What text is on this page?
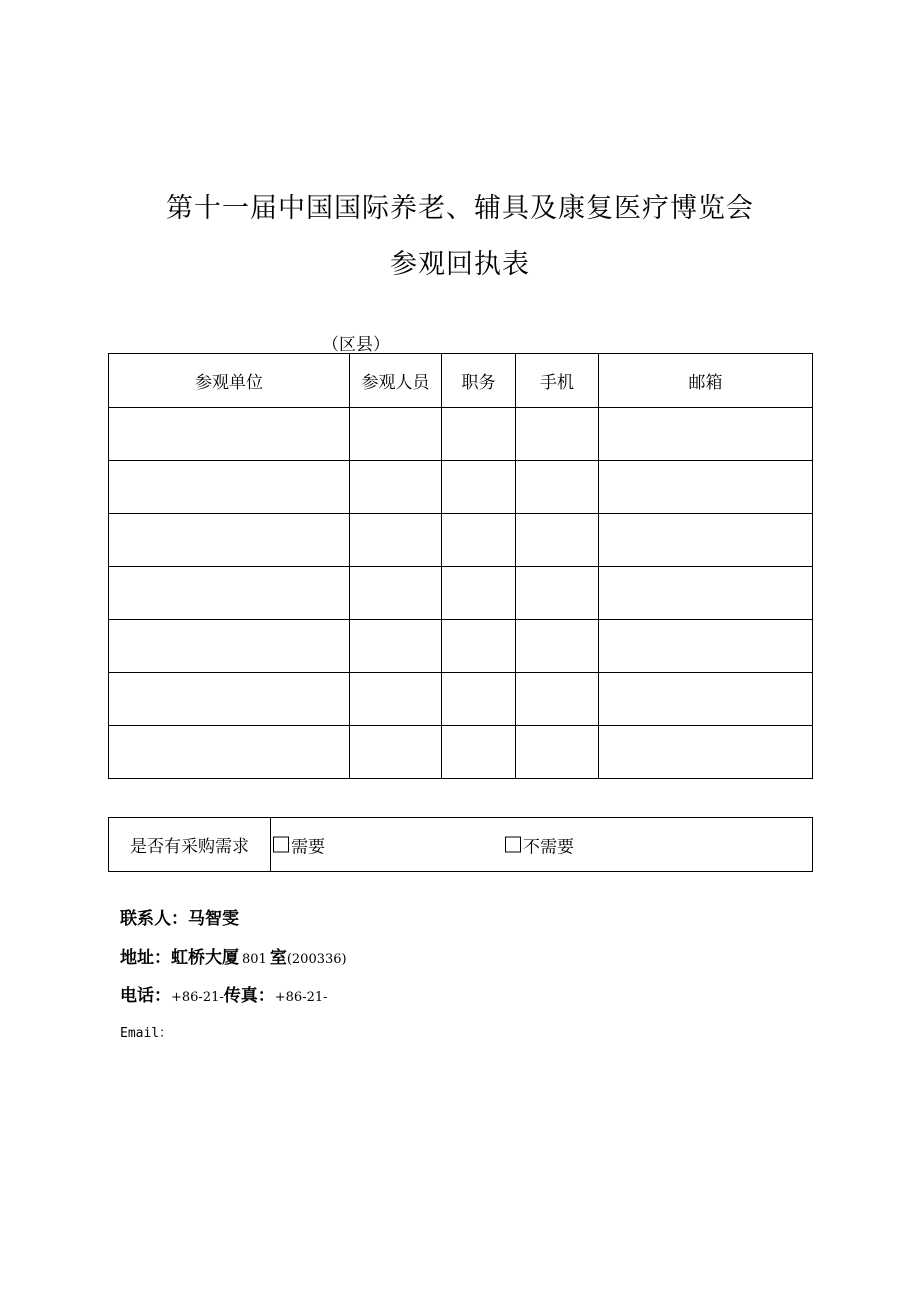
第十一届中国国际养老、辅具及康复医疗博览会
参观回执表
（区县）
参观单位	参观人员	职务	手机	邮箱

是否有采购需求	需要	不需要
联系人： 马智雯
地址： 虹桥大厦 801 室 (200336)
电话： +86-21- 传真： +86-21-
Email：
